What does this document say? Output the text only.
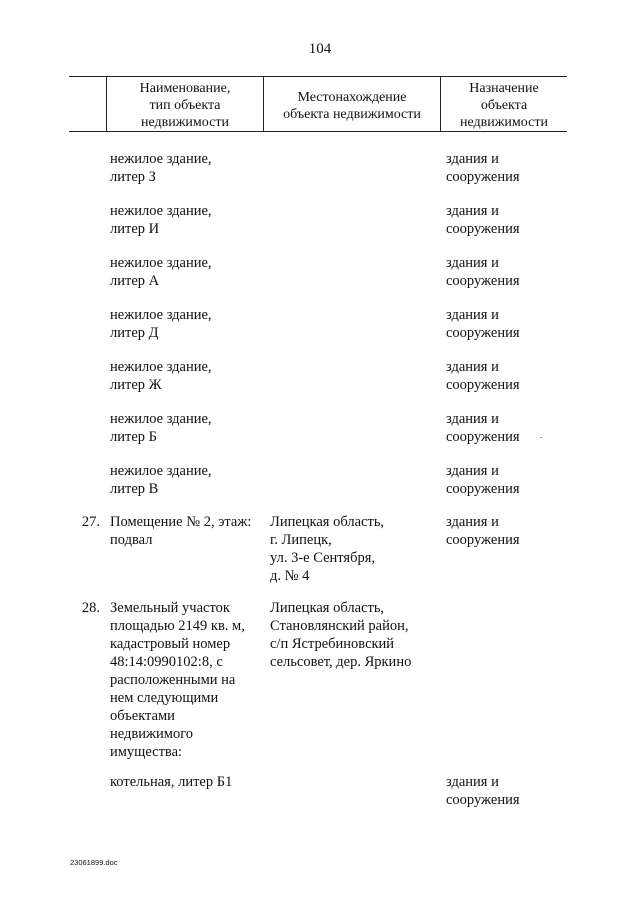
104
Наименование,
тип объекта
недвижимости
Местонахождение
объекта недвижимости
Назначение
объекта
недвижимости
нежилое здание,
литер З
здания и
сооружения
нежилое здание,
литер И
здания и
сооружения
нежилое здание,
литер А
здания и
сооружения
нежилое здание,
литер Д
здания и
сооружения
нежилое здание,
литер Ж
здания и
сооружения
нежилое здание,
литер Б
здания и
сооружения
нежилое здание,
литер В
здания и
сооружения
27. Помещение № 2, этаж:
подвал
Липецкая область,
г. Липецк,
ул. 3-е Сентября,
д. № 4
здания и
сооружения
28. Земельный участок
площадью 2149 кв. м,
кадастровый номер
48:14:0990102:8, с
расположенными на
нем следующими
объектами
недвижимого
имущества:
Липецкая область,
Становлянский район,
с/п Ястребиновский
сельсовет, дер. Яркино
котельная, литер Б1	здания и
сооружения
23061899.doc
